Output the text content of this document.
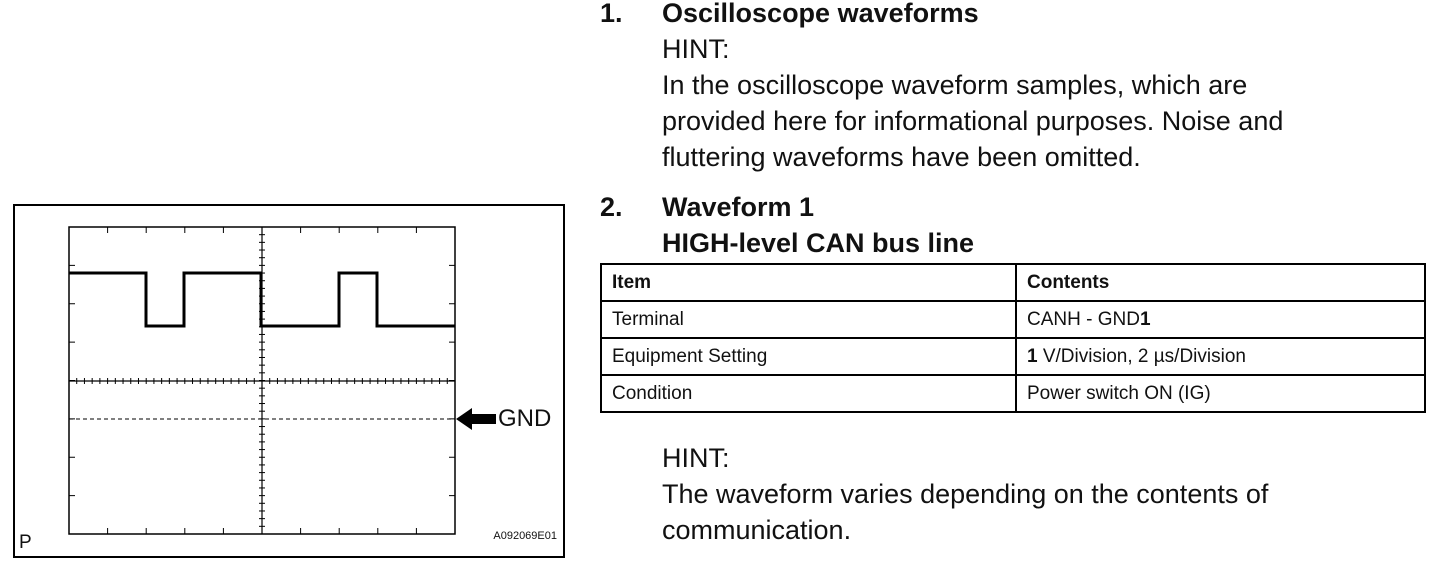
P	A092069E01
GND
1. Oscilloscope waveforms
HINT:
In the oscilloscope waveform samples, which are
provided here for informational purposes. Noise and
fluttering waveforms have been omitted.
2. Waveform 1
HIGH-level CAN bus line
Item	Contents
Terminal	CANH - GND1
Equipment Setting	1 V/Division, 2 µs/Division
Condition	Power switch ON (IG)
HINT:
The waveform varies depending on the contents of
communication.
